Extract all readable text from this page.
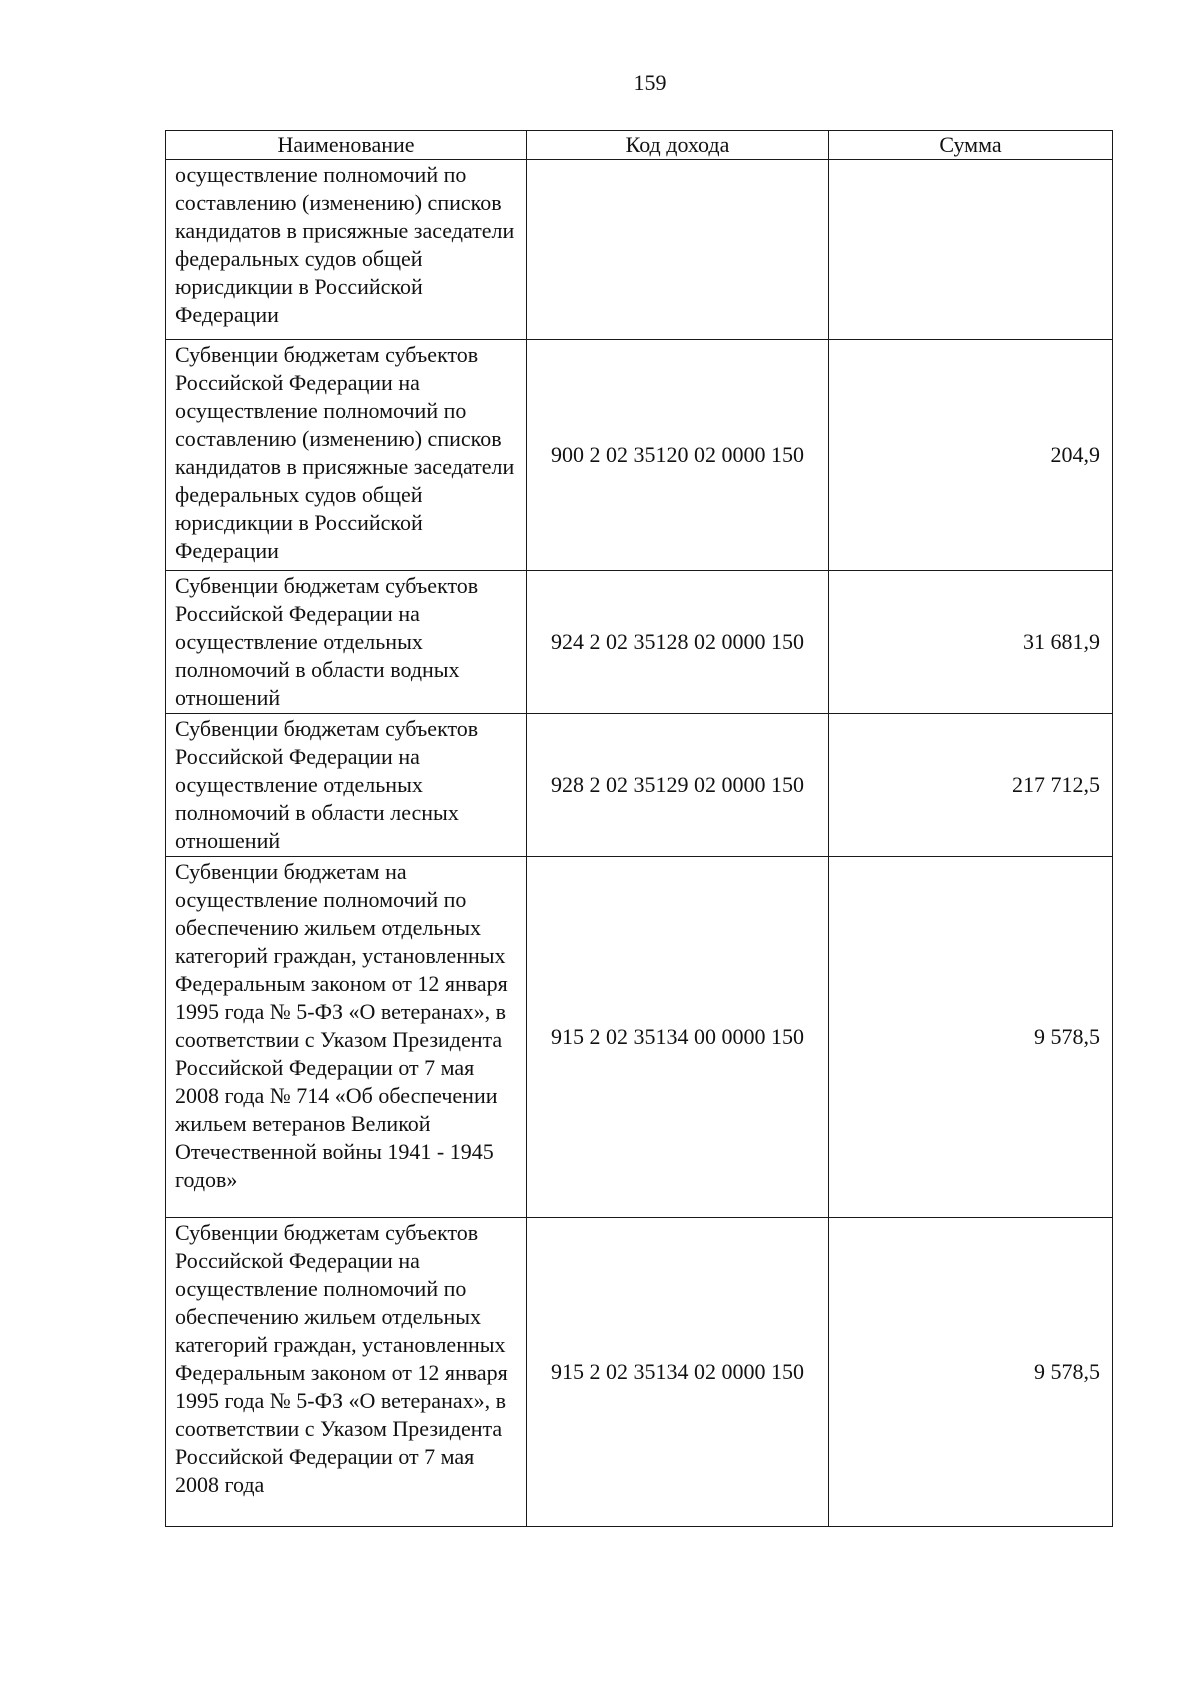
159
Наименование	Код дохода	Сумма
осуществление полномочий по составлению (изменению) списков кандидатов в присяжные заседатели федеральных судов общей юрисдикции в Российской Федерации		
Субвенции бюджетам субъектов Российской Федерации на осуществление полномочий по составлению (изменению) списков кандидатов в присяжные заседатели федеральных судов общей юрисдикции в Российской Федерации	900 2 02 35120 02 0000 150	204,9
Субвенции бюджетам субъектов Российской Федерации на осуществление отдельных полномочий в области водных отношений	924 2 02 35128 02 0000 150	31 681,9
Субвенции бюджетам субъектов Российской Федерации на осуществление отдельных полномочий в области лесных отношений	928 2 02 35129 02 0000 150	217 712,5
Субвенции бюджетам на осуществление полномочий по обеспечению жильем отдельных категорий граждан, установленных Федеральным законом от 12 января 1995 года № 5-ФЗ «О ветеранах», в соответствии с Указом Президента Российской Федерации от 7 мая 2008 года № 714 «Об обеспечении жильем ветеранов Великой Отечественной войны 1941 - 1945 годов»	915 2 02 35134 00 0000 150	9 578,5
Субвенции бюджетам субъектов Российской Федерации на осуществление полномочий по обеспечению жильем отдельных категорий граждан, установленных Федеральным законом от 12 января 1995 года № 5-ФЗ «О ветеранах», в соответствии с Указом Президента Российской Федерации от 7 мая 2008 года	915 2 02 35134 02 0000 150	9 578,5
